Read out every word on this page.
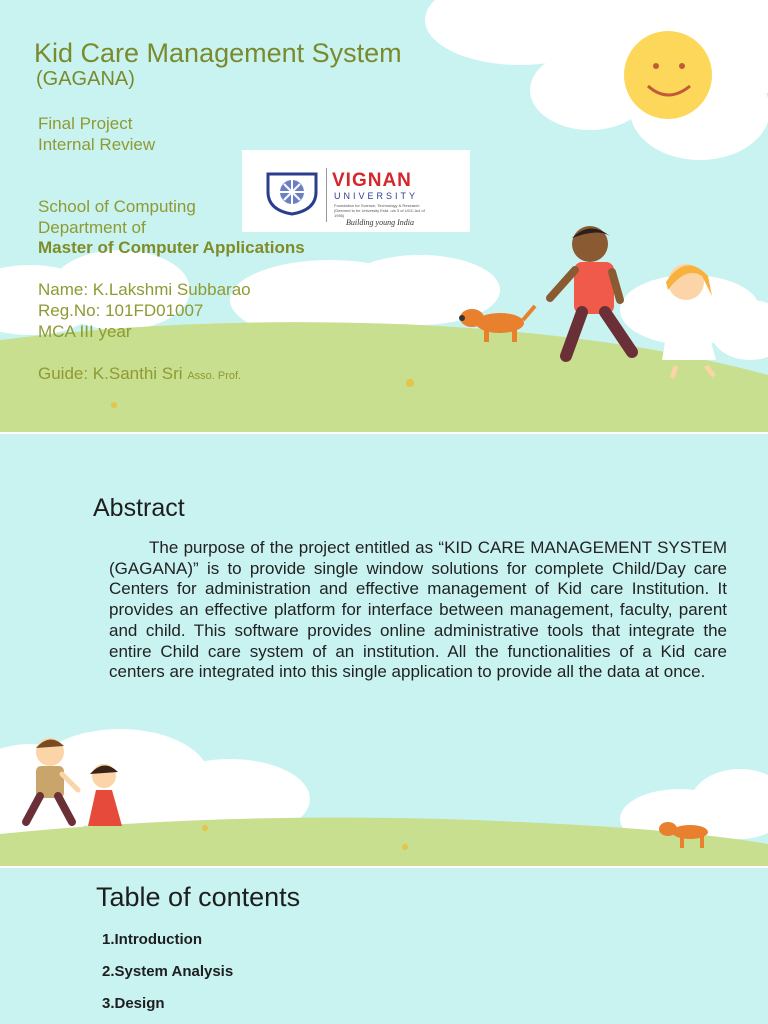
Kid Care Management System
(GAGANA)
Final Project
Internal Review
School of Computing
Department of
Master of Computer Applications
Name: K.Lakshmi Subbarao
Reg.No: 101FD01007
MCA III year
Guide: K.Santhi Sri Asso. Prof.
VIGNAN
UNIVERSITY
Foundation for Science, Technology & Research (Deemed to be University Estd. u/s 3 of UGC Act of 1956)
Building young India
Abstract
The purpose of the project entitled as “KID CARE MANAGEMENT SYSTEM (GAGANA)” is to provide single window solutions for complete Child/Day care Centers for administration and effective management of Kid care Institution. It provides an effective platform for interface between management, faculty, parent and child. This software provides online administrative tools that integrate the entire Child care system of an institution. All the functionalities of a Kid care centers are integrated into this single application to provide all the data at once.
Table of contents
1.Introduction
2.System Analysis
3.Design
